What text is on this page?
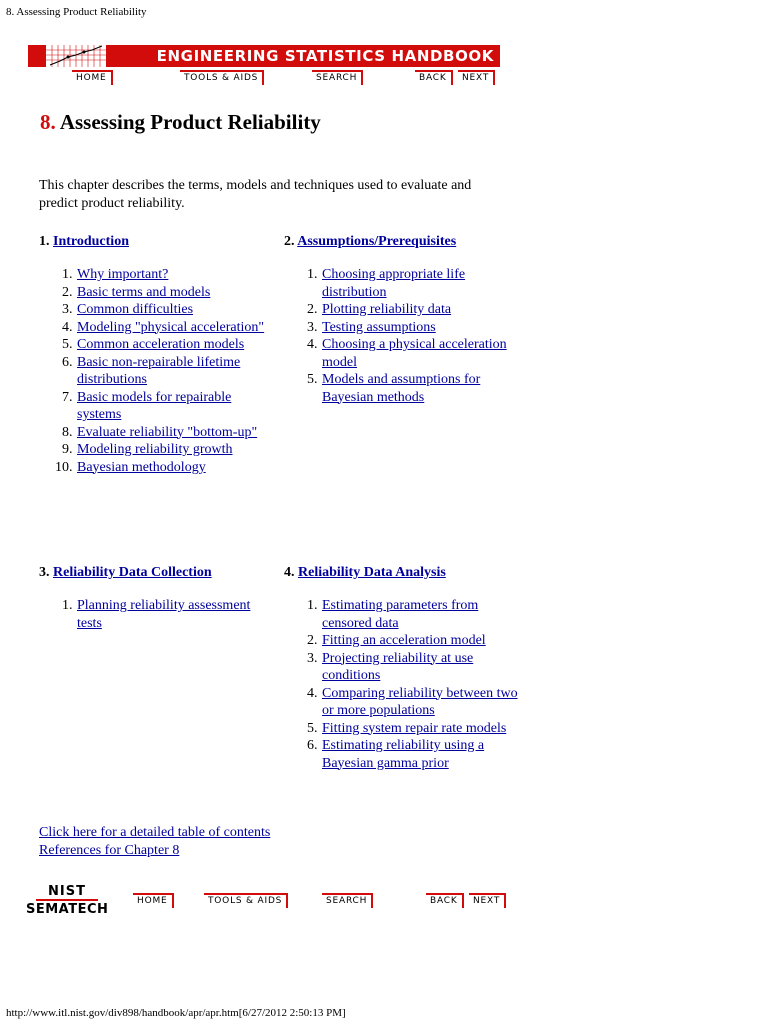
8. Assessing Product Reliability
ENGINEERING STATISTICS HANDBOOK
HOME	TOOLS & AIDS	SEARCH	BACK	NEXT
8. Assessing Product Reliability

This chapter describes the terms, models and techniques used to evaluate and predict product reliability.

1. Introduction
1. Why important?
2. Basic terms and models
3. Common difficulties
4. Modeling "physical acceleration"
5. Common acceleration models
6. Basic non-repairable lifetime distributions
7. Basic models for repairable systems
8. Evaluate reliability "bottom-up"
9. Modeling reliability growth
10. Bayesian methodology
2. Assumptions/Prerequisites
1. Choosing appropriate life distribution
2. Plotting reliability data
3. Testing assumptions
4. Choosing a physical acceleration model
5. Models and assumptions for Bayesian methods
3. Reliability Data Collection
1. Planning reliability assessment tests
4. Reliability Data Analysis
1. Estimating parameters from censored data
2. Fitting an acceleration model
3. Projecting reliability at use conditions
4. Comparing reliability between two or more populations
5. Fitting system repair rate models
6. Estimating reliability using a Bayesian gamma prior
Click here for a detailed table of contents
References for Chapter 8
NIST
SEMATECH
HOME	TOOLS & AIDS	SEARCH	BACK	NEXT
http://www.itl.nist.gov/div898/handbook/apr/apr.htm[6/27/2012 2:50:13 PM]
